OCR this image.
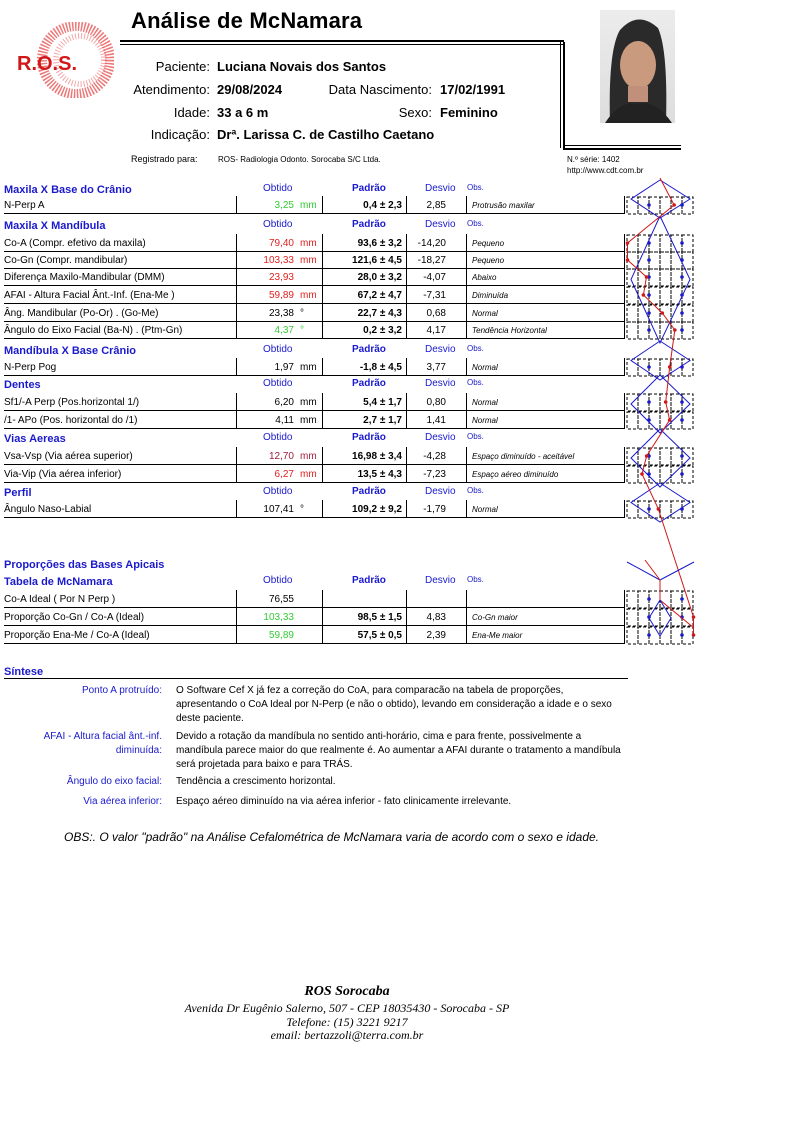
Análise de McNamara
R.O.S.	Paciente: Luciana Novais dos Santos
Atendimento: 29/08/2024	Data Nascimento: 17/02/1991
Idade: 33 a 6 m	Sexo: Feminino
Indicação: Drª. Larissa C. de Castilho Caetano
Registrado para:	ROS- Radiologia Odonto. Sorocaba S/C Ltda.	N.º série: 1402
http://www.cdt.com.br
Maxila X Base do Crânio	Obtido	Padrão	Desvio Obs.
N-Perp A	3,25 mm	0,4 ± 2,3	2,85	Protrusão maxilar
Maxila X Mandíbula	Obtido	Padrão	Desvio Obs.
Co-A (Compr. efetivo da maxila)	79,40 mm	93,6 ± 3,2	-14,20	Pequeno
Co-Gn (Compr. mandibular)	103,33 mm	121,6 ± 4,5	-18,27	Pequeno
Diferença Maxilo-Mandibular (DMM)	23,93	28,0 ± 3,2	-4,07	Abaixo
AFAI - Altura Facial Ânt.-Inf. (Ena-Me )	59,89 mm	67,2 ± 4,7	-7,31	Diminuída
Âng. Mandibular (Po-Or) . (Go-Me)	23,38 °	22,7 ± 4,3	0,68	Normal
Ângulo do Eixo Facial (Ba-N) . (Ptm-Gn)	4,37 °	0,2 ± 3,2	4,17	Tendência Horizontal
Mandíbula X Base Crânio	Obtido	Padrão	Desvio Obs.
N-Perp Pog	1,97 mm	-1,8 ± 4,5	3,77	Normal
Dentes	Obtido	Padrão	Desvio Obs.
Sf1/-A Perp (Pos.horizontal 1/)	6,20 mm	5,4 ± 1,7	0,80	Normal
/1- APo (Pos. horizontal do /1)	4,11 mm	2,7 ± 1,7	1,41	Normal
Vias Aereas	Obtido	Padrão	Desvio Obs.
Vsa-Vsp (Via aérea superior)	12,70 mm	16,98 ± 3,4	-4,28	Espaço diminuído - aceitável
Via-Vip (Via aérea inferior)	6,27 mm	13,5 ± 4,3	-7,23	Espaço aéreo diminuído
Perfil	Obtido	Padrão	Desvio Obs.
Ângulo Naso-Labial	107,41 °	109,2 ± 9,2	-1,79	Normal
Proporções das Bases Apicais
Tabela de McNamara	Obtido	Padrão	Desvio Obs.
Co-A Ideal ( Por N Perp )	76,55
Proporção Co-Gn / Co-A (Ideal)	103,33	98,5 ± 1,5	4,83	Co-Gn maior
Proporção Ena-Me / Co-A (Ideal)	59,89	57,5 ± 0,5	2,39	Ena-Me maior
Síntese
Ponto A protruído: O Software Cef X já fez a correção do CoA, para comparacão na tabela de proporções, apresentando o CoA Ideal por N-Perp (e não o obtido), levando em consideração a idade e o sexo deste paciente.
AFAI - Altura facial ânt.-inf. diminuída:
Devido a rotação da mandíbula no sentido anti-horário, cima e para frente, possivelmente a mandíbula parece maior do que realmente é. Ao aumentar a AFAI durante o tratamento a mandíbula será projetada para baixo e para TRÁS.
Ângulo do eixo facial: Tendência a crescimento horizontal.
Via aérea inferior: Espaço aéreo diminuído na via aérea inferior - fato clinicamente irrelevante.
OBS:. O valor "padrão" na Análise Cefalométrica de McNamara varia de acordo com o sexo e idade.
ROS Sorocaba
Avenida Dr Eugênio Salerno, 507 - CEP 18035430 - Sorocaba - SP
Telefone: (15) 3221 9217
email: bertazzoli@terra.com.br
